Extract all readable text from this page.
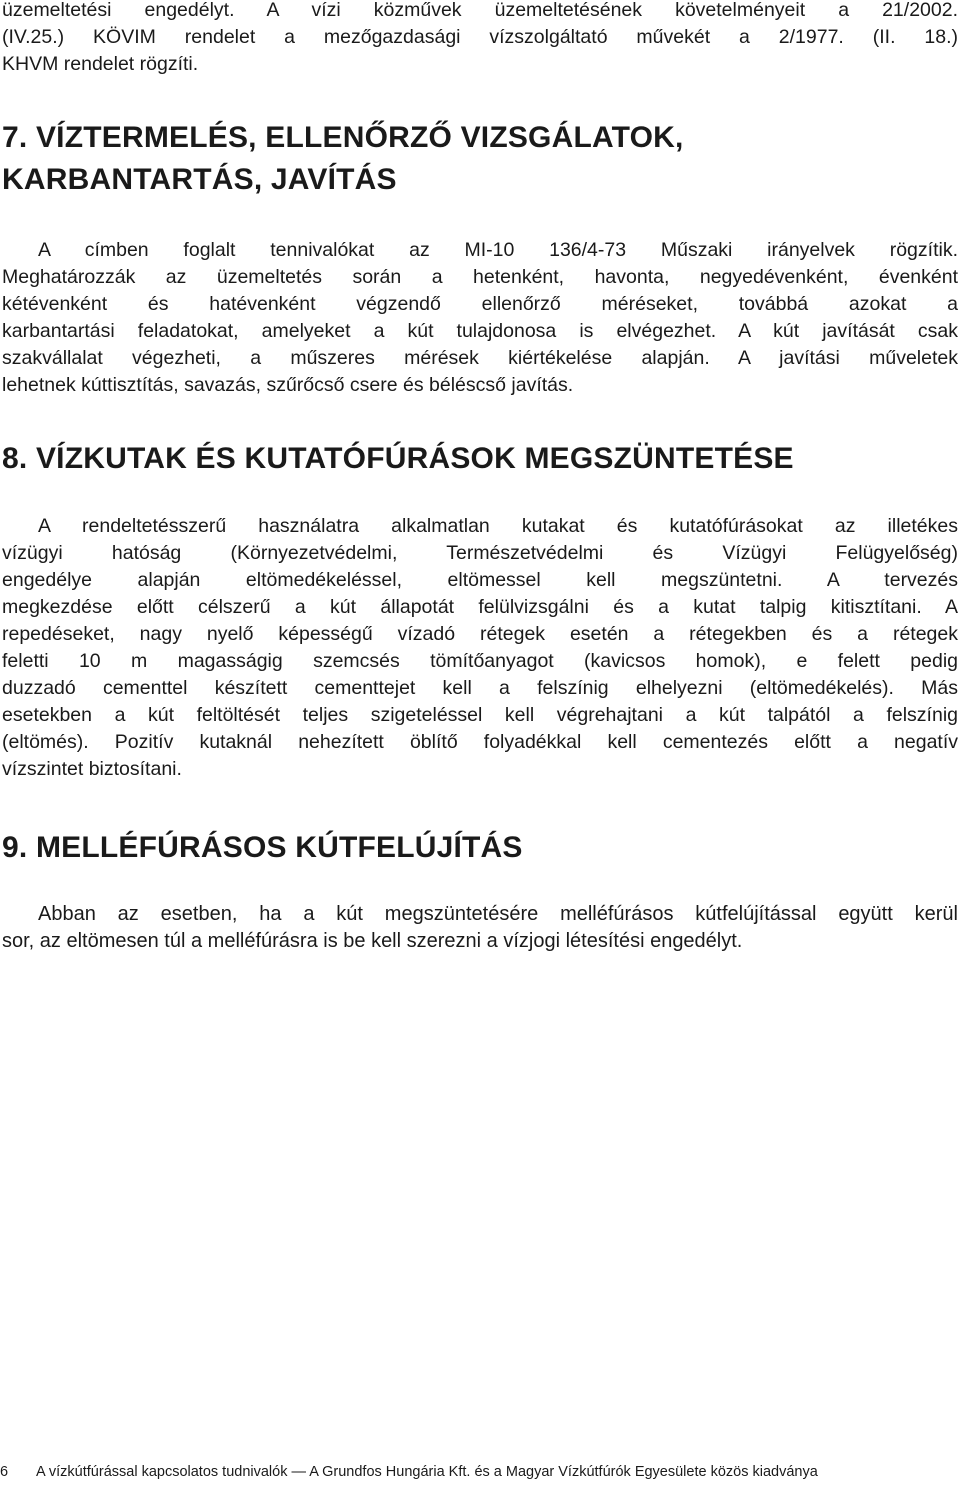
üzemeltetési engedélyt. A vízi közművek üzemeltetésének követelményeit a 21/2002.
(IV.25.) KÖVIM rendelet a mezőgazdasági vízszolgáltató művekét a 2/1977. (II. 18.)
KHVM rendelet rögzíti.

7. VÍZTERMELÉS, ELLENŐRZŐ VIZSGÁLATOK,
KARBANTARTÁS, JAVÍTÁS

A címben foglalt tennivalókat az MI-10 136/4-73 Műszaki irányelvek rögzítik.
Meghatározzák az üzemeltetés során a hetenként, havonta, negyedévenként, évenként
kétévenként és hatévenként végzendő ellenőrző méréseket, továbbá azokat a
karbantartási feladatokat, amelyeket a kút tulajdonosa is elvégezhet. A kút javítását csak
szakvállalat végezheti, a műszeres mérések kiértékelése alapján. A javítási műveletek
lehetnek kúttisztítás, savazás, szűrőcső csere és béléscső javítás.

8. VÍZKUTAK ÉS KUTATÓFÚRÁSOK MEGSZÜNTETÉSE

A rendeltetésszerű használatra alkalmatlan kutakat és kutatófúrásokat az illetékes
vízügyi hatóság (Környezetvédelmi, Természetvédelmi és Vízügyi Felügyelőség)
engedélye alapján eltömedékeléssel, eltömessel kell megszüntetni. A tervezés
megkezdése előtt célszerű a kút állapotát felülvizsgálni és a kutat talpig kitisztítani. A
repedéseket, nagy nyelő képességű vízadó rétegek esetén a rétegekben és a rétegek
feletti 10 m magasságig szemcsés tömítőanyagot (kavicsos homok), e felett pedig
duzzadó cementtel készített cementtejet kell a felszínig elhelyezni (eltömedékelés). Más
esetekben a kút feltöltését teljes szigeteléssel kell végrehajtani a kút talpától a felszínig
(eltömés). Pozitív kutaknál nehezített öblítő folyadékkal kell cementezés előtt a negatív
vízszintet biztosítani.

9. MELLÉFÚRÁSOS KÚTFELÚJÍTÁS

Abban az esetben, ha a kút megszüntetésére melléfúrásos kútfelújítással együtt kerül
sor, az eltömesen túl a melléfúrásra is be kell szerezni a vízjogi létesítési engedélyt.

6 A vízkútfúrással kapcsolatos tudnivalók — A Grundfos Hungária Kft. és a Magyar Vízkútfúrók Egyesülete közös kiadványa
